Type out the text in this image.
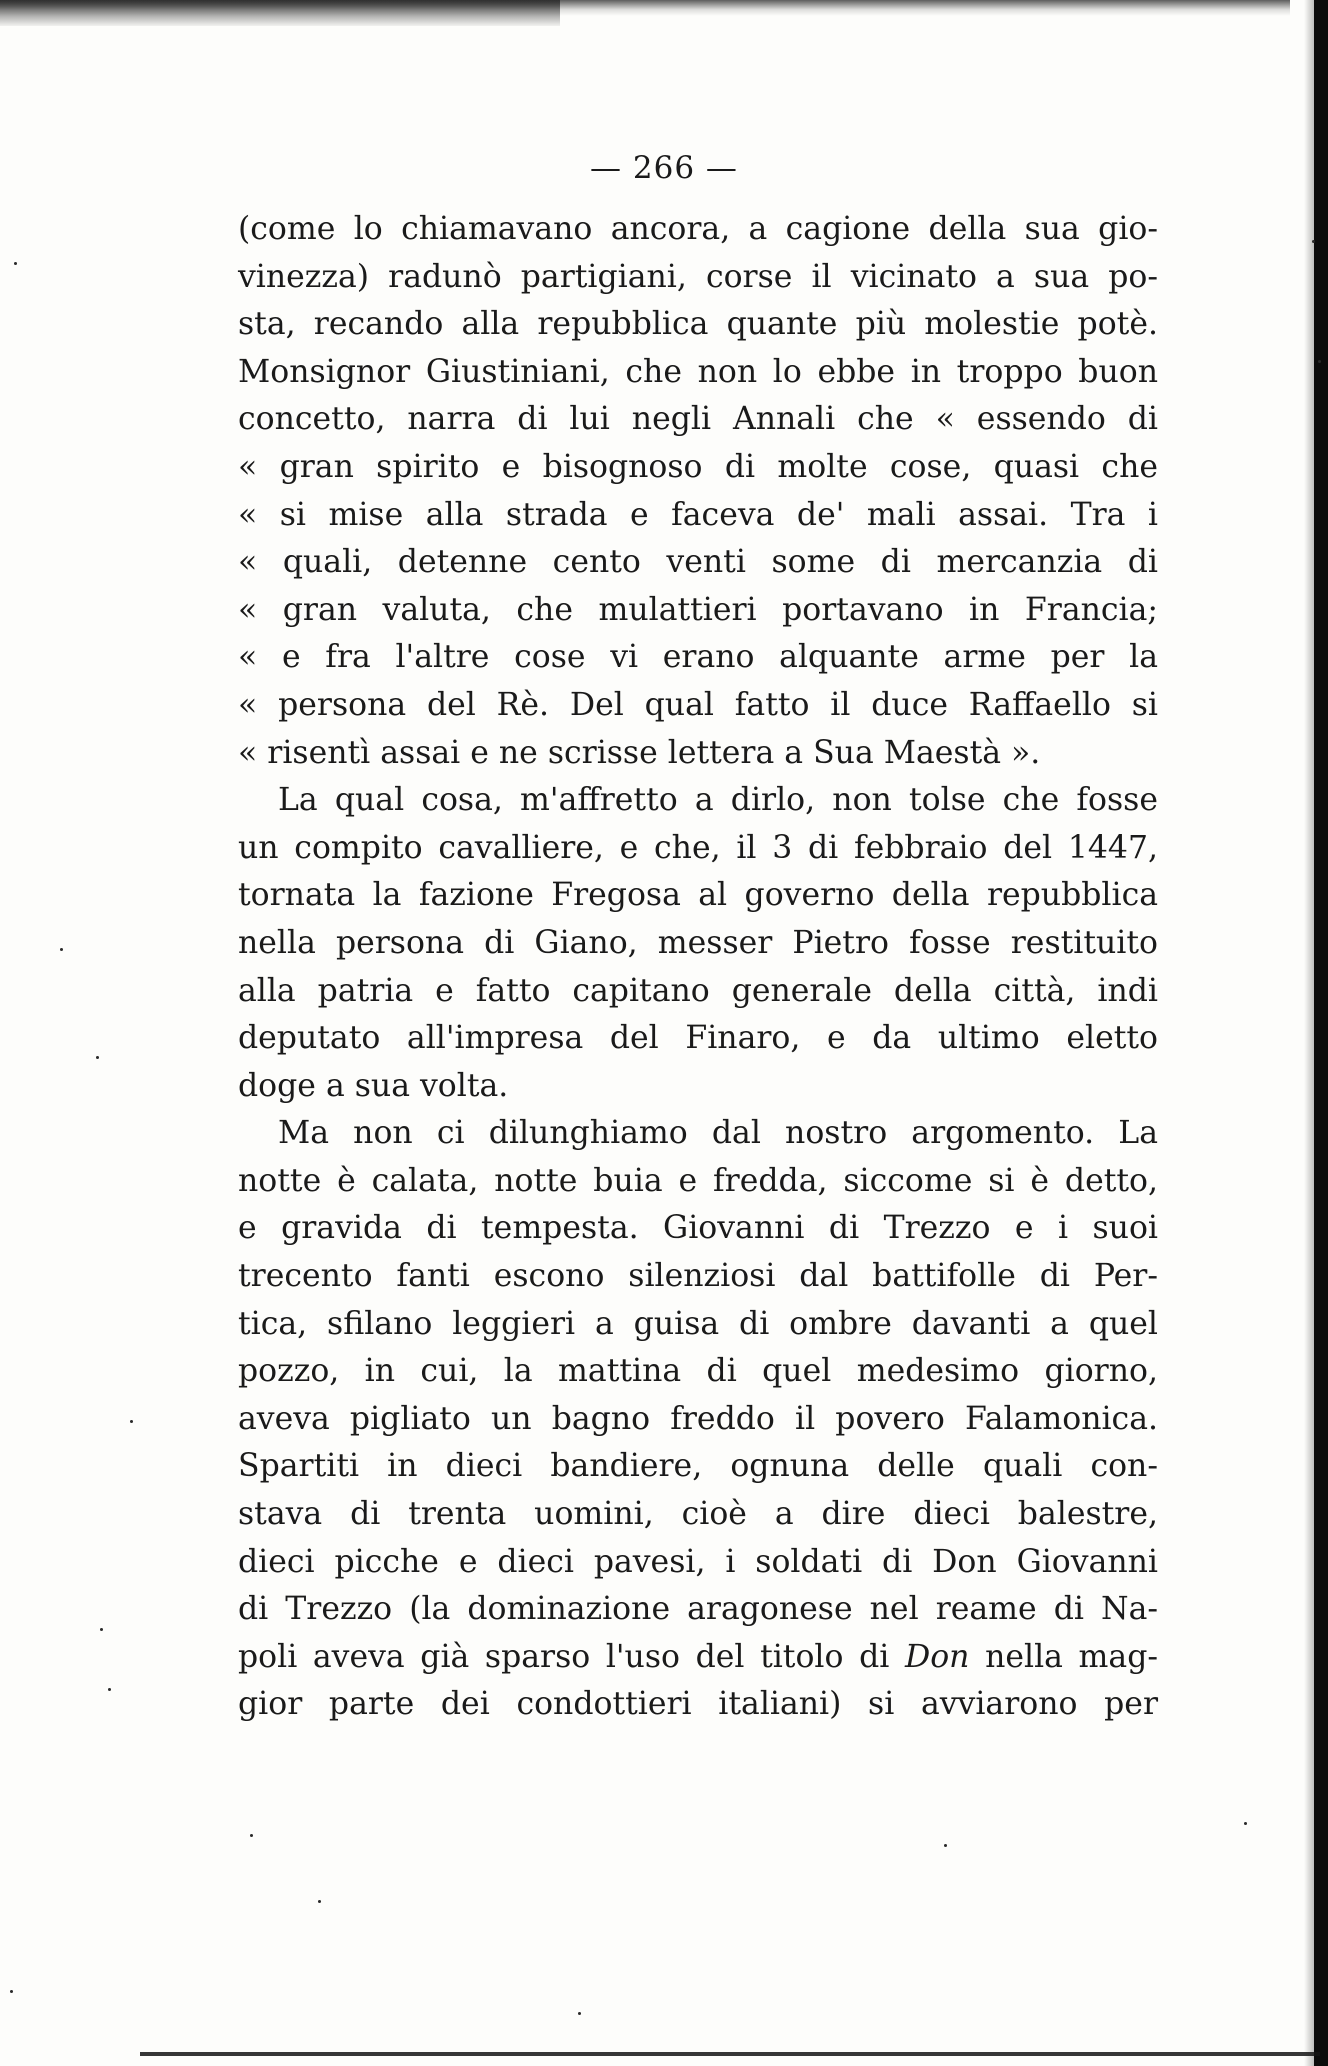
— 266 —
(come lo chiamavano ancora, a cagione della sua gio-
vinezza) radunò partigiani, corse il vicinato a sua po-
sta, recando alla repubblica quante più molestie potè.
Monsignor Giustiniani, che non lo ebbe in troppo buon
concetto, narra di lui negli Annali che « essendo di
« gran spirito e bisognoso di molte cose, quasi che
« si mise alla strada e faceva de' mali assai. Tra i
« quali, detenne cento venti some di mercanzia di
« gran valuta, che mulattieri portavano in Francia;
« e fra l'altre cose vi erano alquante arme per la
« persona del Rè. Del qual fatto il duce Raffaello si
« risentì assai e ne scrisse lettera a Sua Maestà ».
La qual cosa, m'affretto a dirlo, non tolse che fosse
un compito cavalliere, e che, il 3 di febbraio del 1447,
tornata la fazione Fregosa al governo della repubblica
nella persona di Giano, messer Pietro fosse restituito
alla patria e fatto capitano generale della città, indi
deputato all'impresa del Finaro, e da ultimo eletto
doge a sua volta.
Ma non ci dilunghiamo dal nostro argomento. La
notte è calata, notte buia e fredda, siccome si è detto,
e gravida di tempesta. Giovanni di Trezzo e i suoi
trecento fanti escono silenziosi dal battifolle di Per-
tica, sfilano leggieri a guisa di ombre davanti a quel
pozzo, in cui, la mattina di quel medesimo giorno,
aveva pigliato un bagno freddo il povero Falamonica.
Spartiti in dieci bandiere, ognuna delle quali con-
stava di trenta uomini, cioè a dire dieci balestre,
dieci picche e dieci pavesi, i soldati di Don Giovanni
di Trezzo (la dominazione aragonese nel reame di Na-
poli aveva già sparso l'uso del titolo di Don nella mag-
gior parte dei condottieri italiani) si avviarono per
